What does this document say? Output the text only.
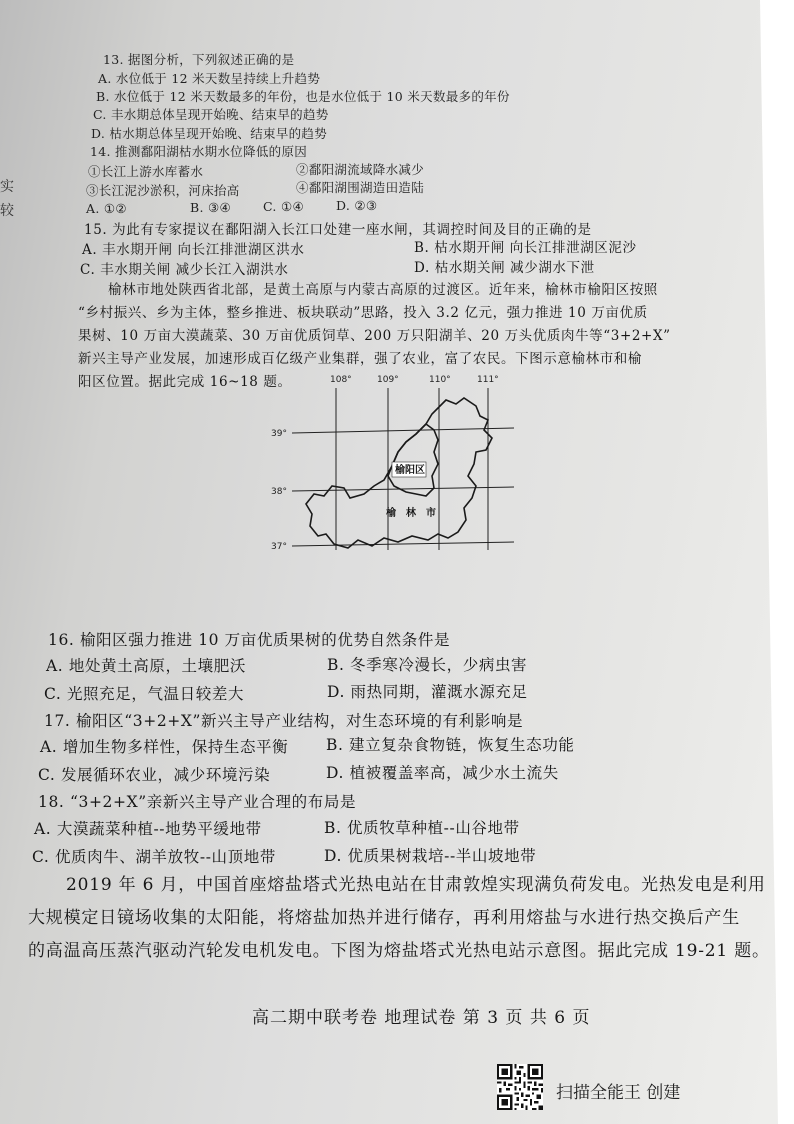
实
较
13. 据图分析，下列叙述正确的是
A. 水位低于 12 米天数呈持续上升趋势
B. 水位低于 12 米天数最多的年份，也是水位低于 10 米天数最多的年份
C. 丰水期总体呈现开始晚、结束早的趋势
D. 枯水期总体呈现开始晚、结束早的趋势
14. 推测鄱阳湖枯水期水位降低的原因
①长江上游水库蓄水	②鄱阳湖流域降水减少
③长江泥沙淤积，河床抬高	④鄱阳湖围湖造田造陆
A. ①②	B. ③④	C. ①④	D. ②③
15. 为此有专家提议在鄱阳湖入长江口处建一座水闸，其调控时间及目的正确的是
A. 丰水期开闸 向长江排泄湖区洪水	B. 枯水期开闸 向长江排泄湖区泥沙
C. 丰水期关闸 减少长江入湖洪水	D. 枯水期关闸 减少湖水下泄
榆林市地处陕西省北部，是黄土高原与内蒙古高原的过渡区。近年来，榆林市榆阳区按照
“乡村振兴、乡为主体，整乡推进、板块联动”思路，投入 3.2 亿元，强力推进 10 万亩优质
果树、10 万亩大漠蔬菜、30 万亩优质饲草、200 万只阳湖羊、20 万头优质肉牛等“3+2+X”
新兴主导产业发展，加速形成百亿级产业集群，强了农业，富了农民。下图示意榆林市和榆
阳区位置。据此完成 16~18 题。	108°	109°	110°	111°
39°
38°
37°
榆阳区
榆　林　市
16. 榆阳区强力推进 10 万亩优质果树的优势自然条件是
A. 地处黄土高原，土壤肥沃	B. 冬季寒冷漫长，少病虫害
C. 光照充足，气温日较差大	D. 雨热同期，灌溉水源充足
17. 榆阳区“3+2+X”新兴主导产业结构，对生态环境的有利影响是
A. 增加生物多样性，保持生态平衡 B. 建立复杂食物链，恢复生态功能
C. 发展循环农业，减少环境污染	D. 植被覆盖率高，减少水土流失
18. “3+2+X”亲新兴主导产业合理的布局是
A. 大漠蔬菜种植--地势平缓地带	B. 优质牧草种植--山谷地带
C. 优质肉牛、湖羊放牧--山顶地带	D. 优质果树栽培--半山坡地带
2019 年 6 月，中国首座熔盐塔式光热电站在甘肃敦煌实现满负荷发电。光热发电是利用
大规模定日镜场收集的太阳能，将熔盐加热并进行储存，再利用熔盐与水进行热交换后产生
的高温高压蒸汽驱动汽轮发电机发电。下图为熔盐塔式光热电站示意图。据此完成 19-21 题。
高二期中联考卷 地理试卷 第 3 页 共 6 页
扫描全能王 创建
